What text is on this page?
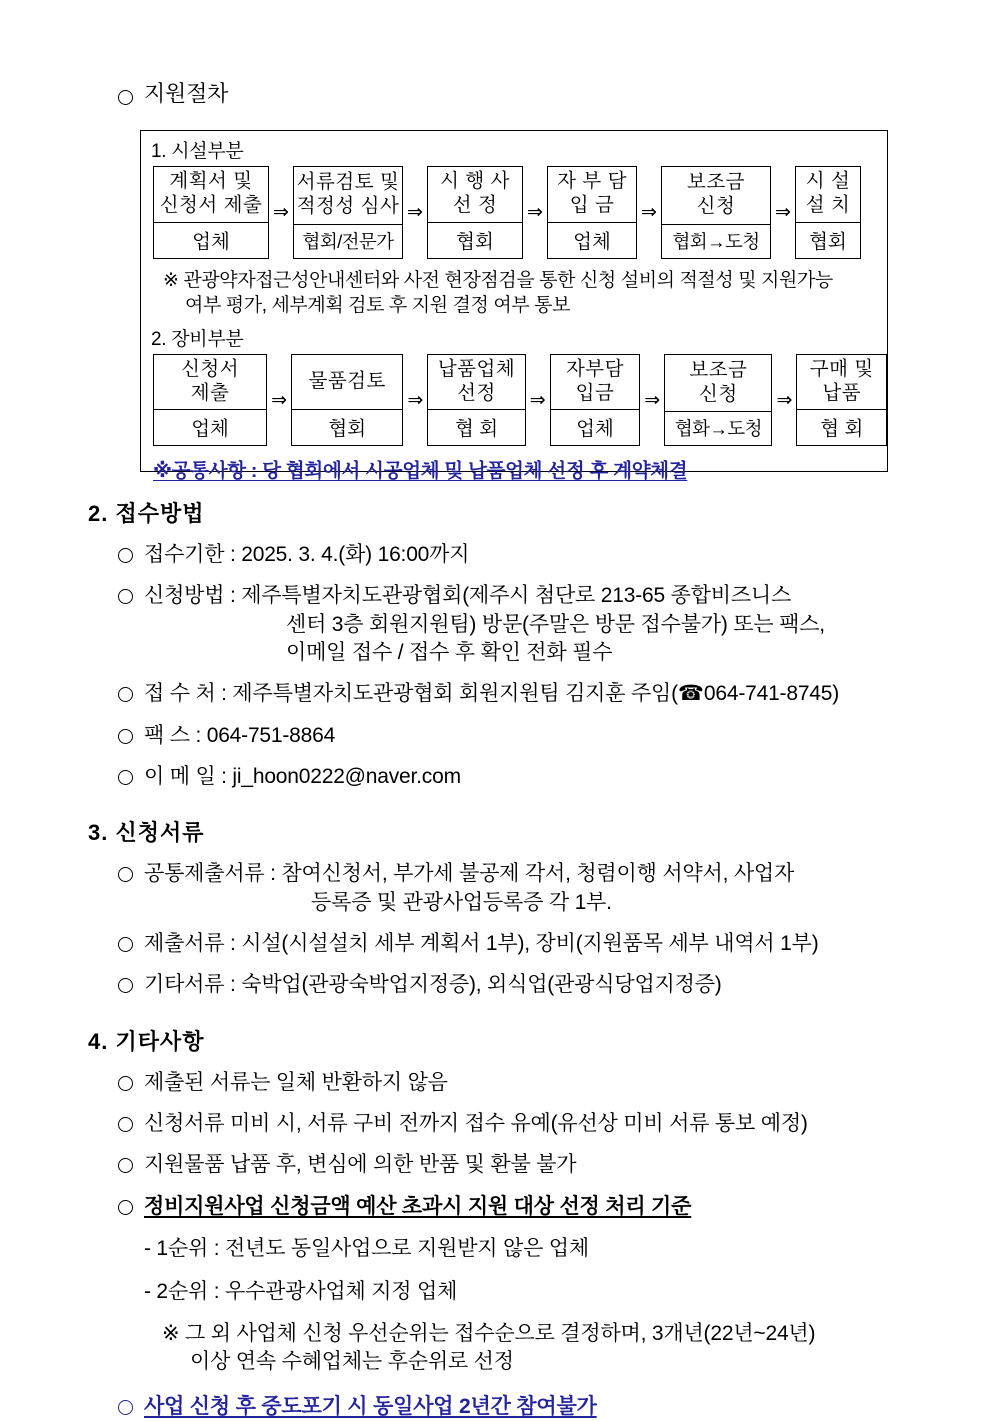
지원절차
1. 시설부분
계획서 및
신청서 제출
업체
⇒
서류검토 및
적정성 심사
협회/전문가
⇒
시 행 사
선 정
협회
⇒
자 부 담
입 금
업체
⇒
보조금
신청
협회→도청
⇒
시 설
설 치
협회
※ 관광약자접근성안내센터와 사전 현장점검을 통한 신청 설비의 적절성 및 지원가능
여부 평가, 세부계획 검토 후 지원 결정 여부 통보
2. 장비부분
신청서
제출
업체
⇒
물품검토
협회
⇒
납품업체
선정
협 회
⇒
자부담
입금
업체
⇒
보조금
신청
협화→도청
⇒
구매 및
납품
협 회
※공통사항 : 당 협회에서 시공업체 및 납품업체 선정 후 계약체결
2. 접수방법
접수기한 : 2025. 3. 4.(화) 16:00까지
신청방법 : 제주특별자치도관광협회(제주시 첨단로 213-65 종합비즈니스
센터 3층 회원지원팀) 방문(주말은 방문 접수불가) 또는 팩스,
이메일 접수 / 접수 후 확인 전화 필수
접 수 처 : 제주특별자치도관광협회 회원지원팀 김지훈 주임(☎064-741-8745)
팩 스 : 064-751-8864
이 메 일 : ji_hoon0222@naver.com
3. 신청서류
공통제출서류 : 참여신청서, 부가세 불공제 각서, 청렴이행 서약서, 사업자
등록증 및 관광사업등록증 각 1부.
제출서류 : 시설(시설설치 세부 계획서 1부), 장비(지원품목 세부 내역서 1부)
기타서류 : 숙박업(관광숙박업지정증), 외식업(관광식당업지정증)
4. 기타사항
제출된 서류는 일체 반환하지 않음
신청서류 미비 시, 서류 구비 전까지 접수 유예(유선상 미비 서류 통보 예정)
지원물품 납품 후, 변심에 의한 반품 및 환불 불가
정비지원사업 신청금액 예산 초과시 지원 대상 선정 처리 기준
- 1순위 : 전년도 동일사업으로 지원받지 않은 업체
- 2순위 : 우수관광사업체 지정 업체
※ 그 외 사업체 신청 우선순위는 접수순으로 결정하며, 3개년(22년~24년)
이상 연속 수혜업체는 후순위로 선정
사업 신청 후 중도포기 시 동일사업 2년간 참여불가
